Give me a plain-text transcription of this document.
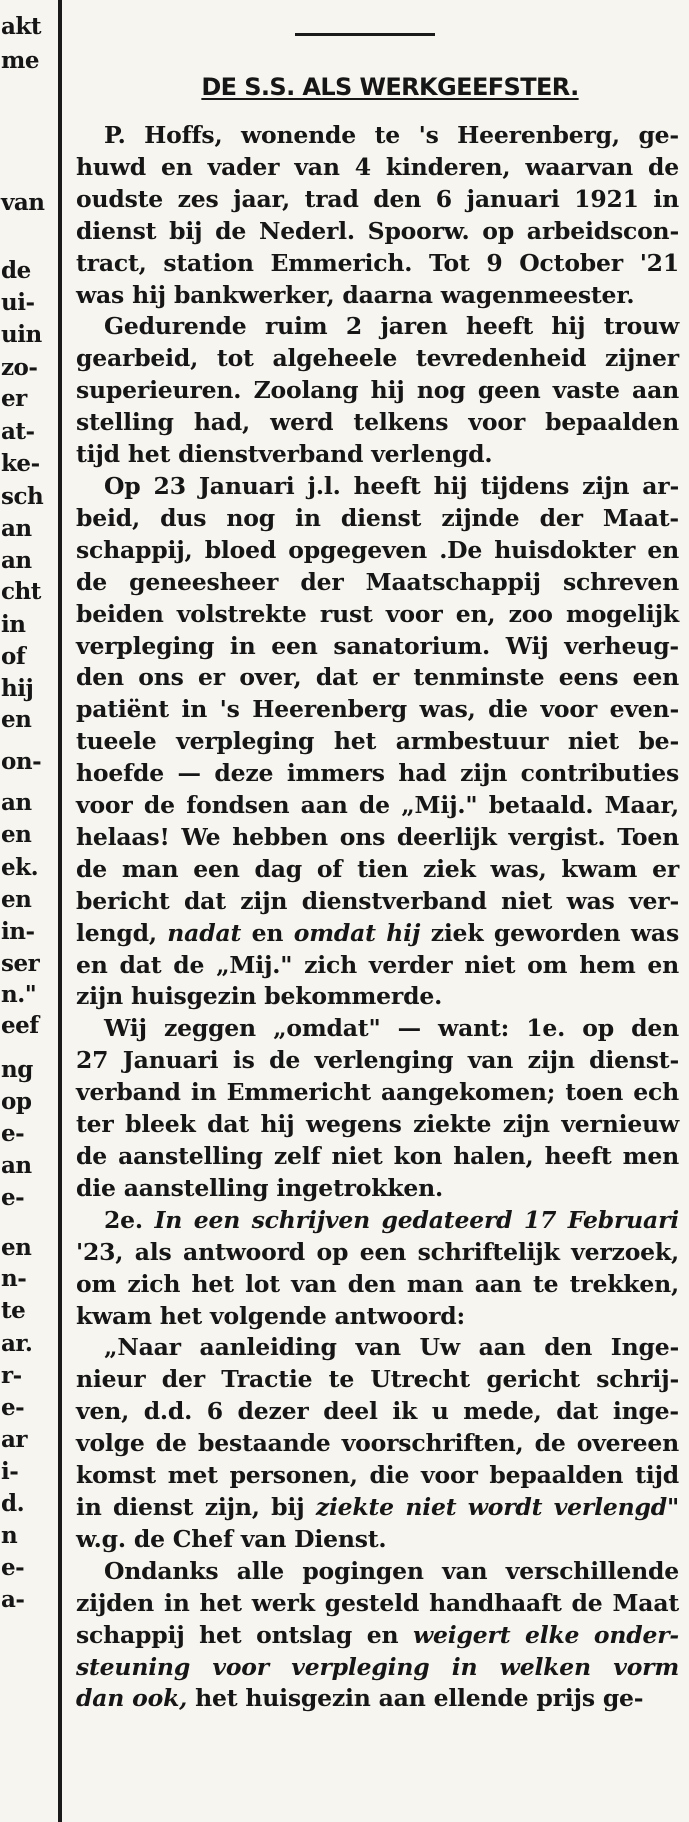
akt
me
van
de
ui-
uin
zo-
er
at-
ke-
sch
an
an
cht
in
of
hij
en
on-
an
en
ek.
en
in-
ser
n."
eef
ng
op
e-
an
e-
en
n-
te
ar.
r-
e-
ar
i-
d.
n
e-
a-
DE S.S. ALS WERKGEEFSTER.

P. Hoffs, wonende te 's Heerenberg, ge-
huwd en vader van 4 kinderen, waarvan de
oudste zes jaar, trad den 6 januari 1921 in
dienst bij de Nederl. Spoorw. op arbeidscon-
tract, station Emmerich. Tot 9 October '21
was hij bankwerker, daarna wagenmeester.

Gedurende ruim 2 jaren heeft hij trouw
gearbeid, tot algeheele tevredenheid zijner
superieuren. Zoolang hij nog geen vaste aan
stelling had, werd telkens voor bepaalden
tijd het dienstverband verlengd.

Op 23 Januari j.l. heeft hij tijdens zijn ar-
beid, dus nog in dienst zijnde der Maat-
schappij, bloed opgegeven .De huisdokter en
de geneesheer der Maatschappij schreven
beiden volstrekte rust voor en, zoo mogelijk
verpleging in een sanatorium. Wij verheug-
den ons er over, dat er tenminste eens een
patiënt in 's Heerenberg was, die voor even-
tueele verpleging het armbestuur niet be-
hoefde — deze immers had zijn contributies
voor de fondsen aan de „Mij." betaald. Maar,
helaas! We hebben ons deerlijk vergist. Toen
de man een dag of tien ziek was, kwam er
bericht dat zijn dienstverband niet was ver-
lengd, nadat en omdat hij ziek geworden was
en dat de „Mij." zich verder niet om hem en
zijn huisgezin bekommerde.

Wij zeggen „omdat" — want: 1e. op den
27 Januari is de verlenging van zijn dienst-
verband in Emmericht aangekomen; toen ech
ter bleek dat hij wegens ziekte zijn vernieuw
de aanstelling zelf niet kon halen, heeft men
die aanstelling ingetrokken.

2e. In een schrijven gedateerd 17 Februari
'23, als antwoord op een schriftelijk verzoek,
om zich het lot van den man aan te trekken,
kwam het volgende antwoord:

„Naar aanleiding van Uw aan den Inge-
nieur der Tractie te Utrecht gericht schrij-
ven, d.d. 6 dezer deel ik u mede, dat inge-
volge de bestaande voorschriften, de overeen
komst met personen, die voor bepaalden tijd
in dienst zijn, bij ziekte niet wordt verlengd"
w.g. de Chef van Dienst.

Ondanks alle pogingen van verschillende
zijden in het werk gesteld handhaaft de Maat
schappij het ontslag en weigert elke onder-
steuning voor verpleging in welken vorm
dan ook, het huisgezin aan ellende prijs ge-
